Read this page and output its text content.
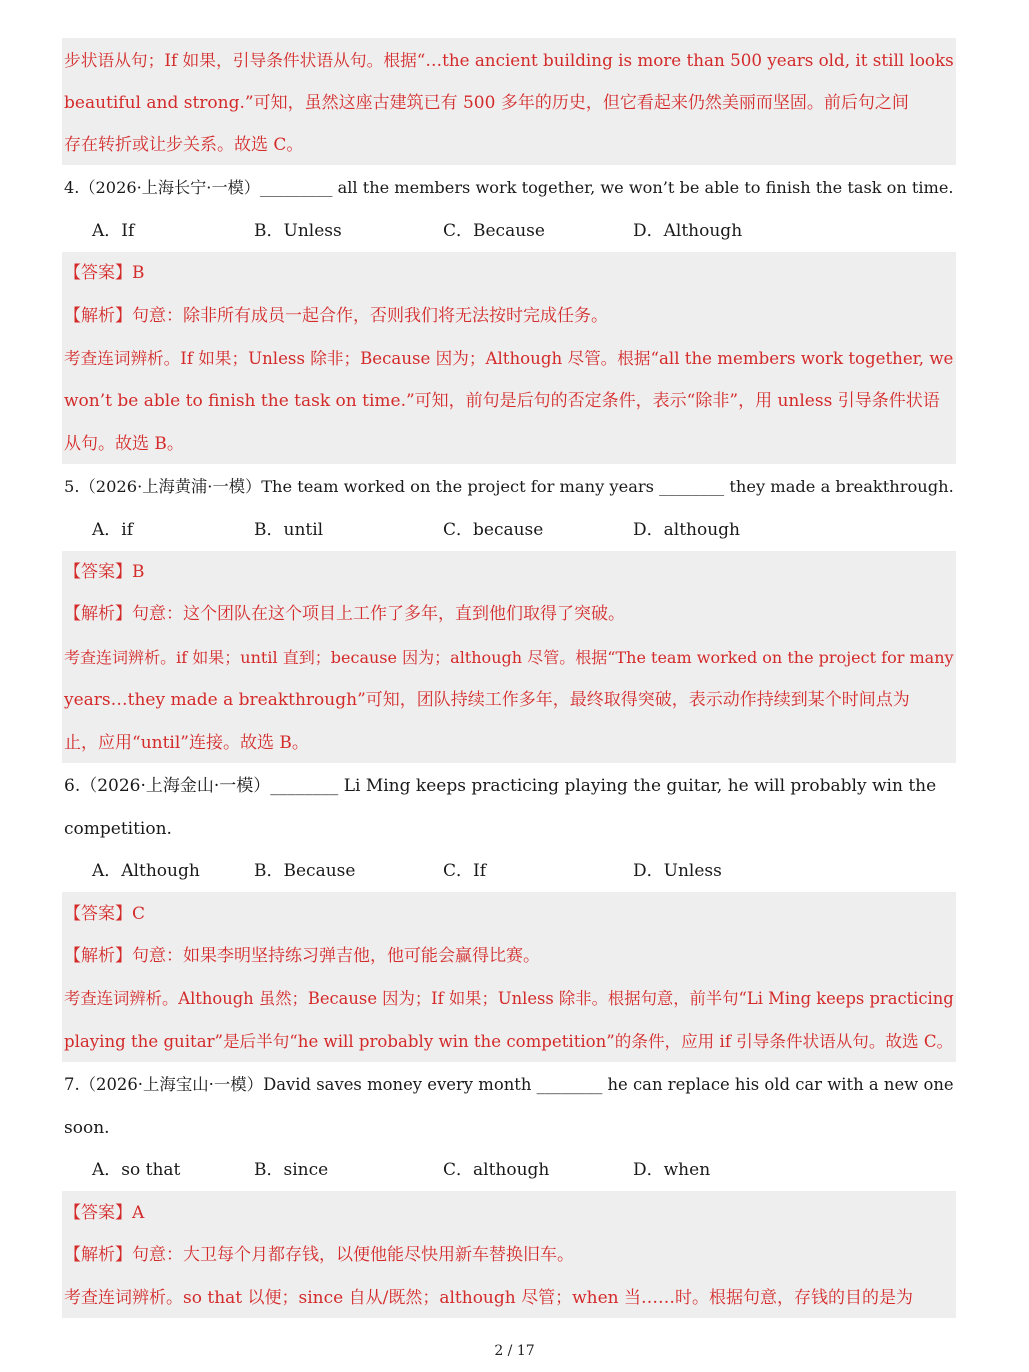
步状语从句；If 如果，引导条件状语从句。根据“…the ancient building is more than 500 years old, it still looks
beautiful and strong.”可知，虽然这座古建筑已有 500 多年的历史，但它看起来仍然美丽而坚固。前后句之间
存在转折或让步关系。故选 C。
4.（2026·上海长宁·一模）_________ all the members work together, we won’t be able to finish the task on time.
A．If	B．Unless	C．Because	D．Although
【答案】B
【解析】句意：除非所有成员一起合作，否则我们将无法按时完成任务。
考查连词辨析。If 如果；Unless 除非；Because 因为；Although 尽管。根据“all the members work together, we
won’t be able to finish the task on time.”可知，前句是后句的否定条件，表示“除非”，用 unless 引导条件状语
从句。故选 B。
5.（2026·上海黄浦·一模）The team worked on the project for many years ________ they made a breakthrough.
A．if	B．until	C．because	D．although
【答案】B
【解析】句意：这个团队在这个项目上工作了多年，直到他们取得了突破。
考查连词辨析。if 如果；until 直到；because 因为；although 尽管。根据“The team worked on the project for many
years…they made a breakthrough”可知，团队持续工作多年，最终取得突破，表示动作持续到某个时间点为
止，应用“until”连接。故选 B。
6.（2026·上海金山·一模）________ Li Ming keeps practicing playing the guitar, he will probably win the
competition.
A．Although	B．Because	C．If	D．Unless
【答案】C
【解析】句意：如果李明坚持练习弹吉他，他可能会赢得比赛。
考查连词辨析。Although 虽然；Because 因为；If 如果；Unless 除非。根据句意，前半句“Li Ming keeps practicing
playing the guitar”是后半句“he will probably win the competition”的条件，应用 if 引导条件状语从句。故选 C。
7.（2026·上海宝山·一模）David saves money every month ________ he can replace his old car with a new one
soon.
A．so that	B．since	C．although	D．when
【答案】A
【解析】句意：大卫每个月都存钱，以便他能尽快用新车替换旧车。
考查连词辨析。so that 以便；since 自从/既然；although 尽管；when 当……时。根据句意，存钱的目的是为
2 / 17
